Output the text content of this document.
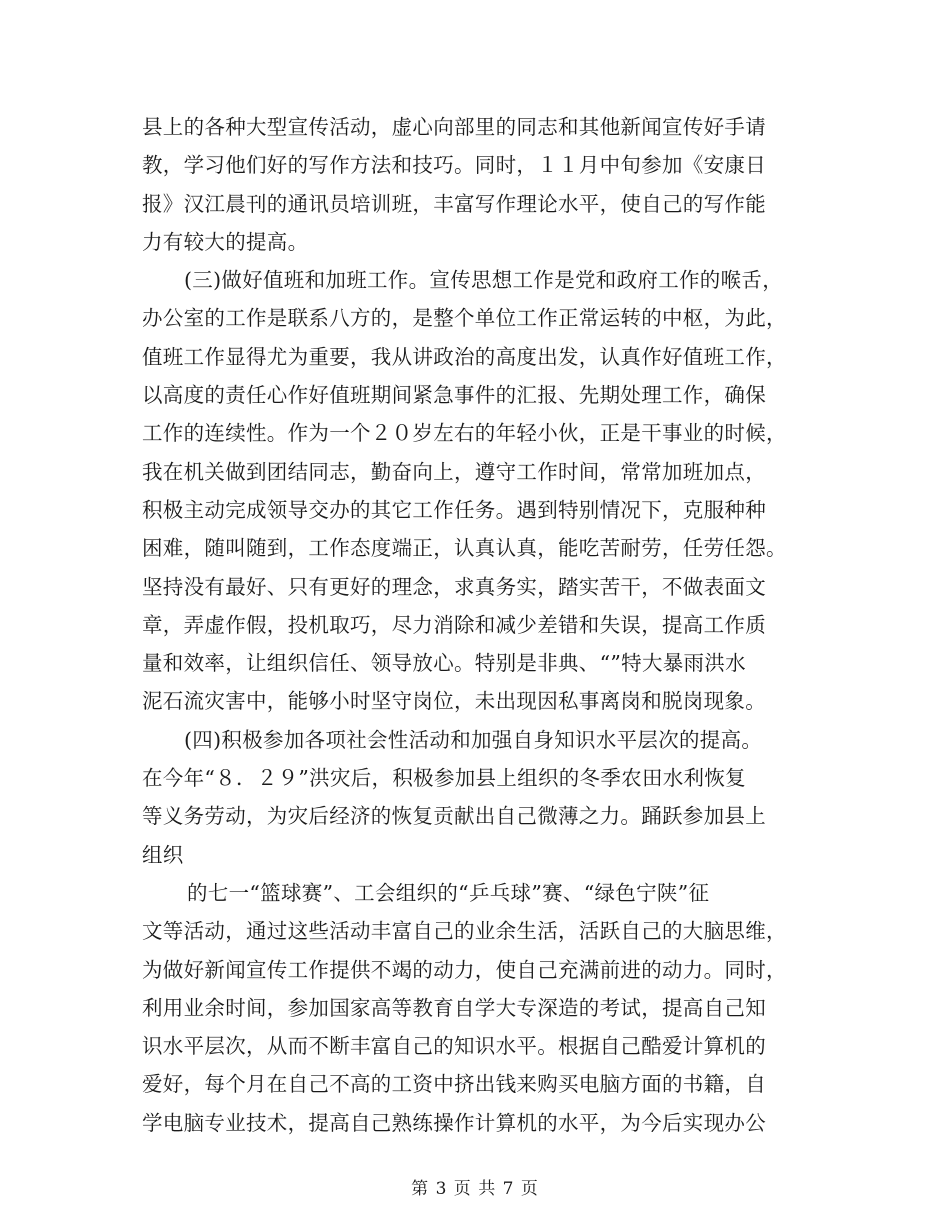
县上的各种大型宣传活动，虚心向部里的同志和其他新闻宣传好手请
教，学习他们好的写作方法和技巧。同时，１１月中旬参加《安康日
报》汉江晨刊的通讯员培训班，丰富写作理论水平，使自己的写作能
力有较大的提高。
(三)做好值班和加班工作。宣传思想工作是党和政府工作的喉舌，
办公室的工作是联系八方的，是整个单位工作正常运转的中枢，为此，
值班工作显得尤为重要，我从讲政治的高度出发，认真作好值班工作，
以高度的责任心作好值班期间紧急事件的汇报、先期处理工作，确保
工作的连续性。作为一个２０岁左右的年轻小伙，正是干事业的时候，
我在机关做到团结同志，勤奋向上，遵守工作时间，常常加班加点，
积极主动完成领导交办的其它工作任务。遇到特别情况下，克服种种
困难，随叫随到，工作态度端正，认真认真，能吃苦耐劳，任劳任怨。
坚持没有最好、只有更好的理念，求真务实，踏实苦干，不做表面文
章，弄虚作假，投机取巧，尽力消除和减少差错和失误，提高工作质
量和效率，让组织信任、领导放心。特别是非典、“”特大暴雨洪水
泥石流灾害中，能够小时坚守岗位，未出现因私事离岗和脱岗现象。
(四)积极参加各项社会性活动和加强自身知识水平层次的提高。
在今年“８．２９”洪灾后，积极参加县上组织的冬季农田水利恢复
等义务劳动，为灾后经济的恢复贡献出自己微薄之力。踊跃参加县上
组织
的七一“篮球赛”、工会组织的“乒乓球”赛、“绿色宁陕”征
文等活动，通过这些活动丰富自己的业余生活，活跃自己的大脑思维，
为做好新闻宣传工作提供不竭的动力，使自己充满前进的动力。同时，
利用业余时间，参加国家高等教育自学大专深造的考试，提高自己知
识水平层次，从而不断丰富自己的知识水平。根据自己酷爱计算机的
爱好，每个月在自己不高的工资中挤出钱来购买电脑方面的书籍，自
学电脑专业技术，提高自己熟练操作计算机的水平，为今后实现办公
第 3 页 共 7 页
